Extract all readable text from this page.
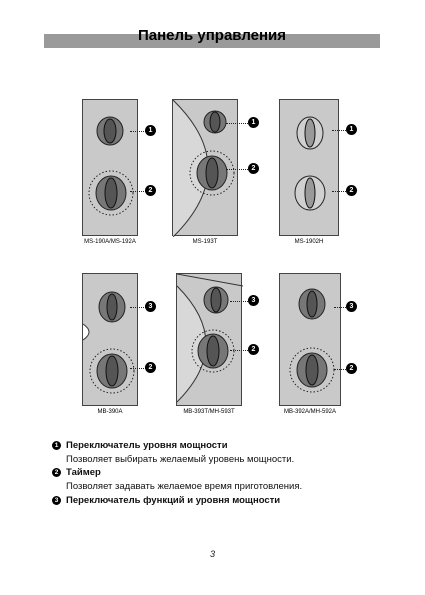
Панель управления
1
2
MS-190A/MS-192A
1
2
MS-193T
1
2
MS-1902H
3
2
MB-390A
3
2
MB-393T/MH-593T
3
2
MB-392A/MH-592A
1 Переключатель уровня мощности
Позволяет выбирать желаемый уровень мощности.
2 Таймер
Позволяет задавать желаемое время приготовления.
3 Переключатель функций и уровня мощности
3
